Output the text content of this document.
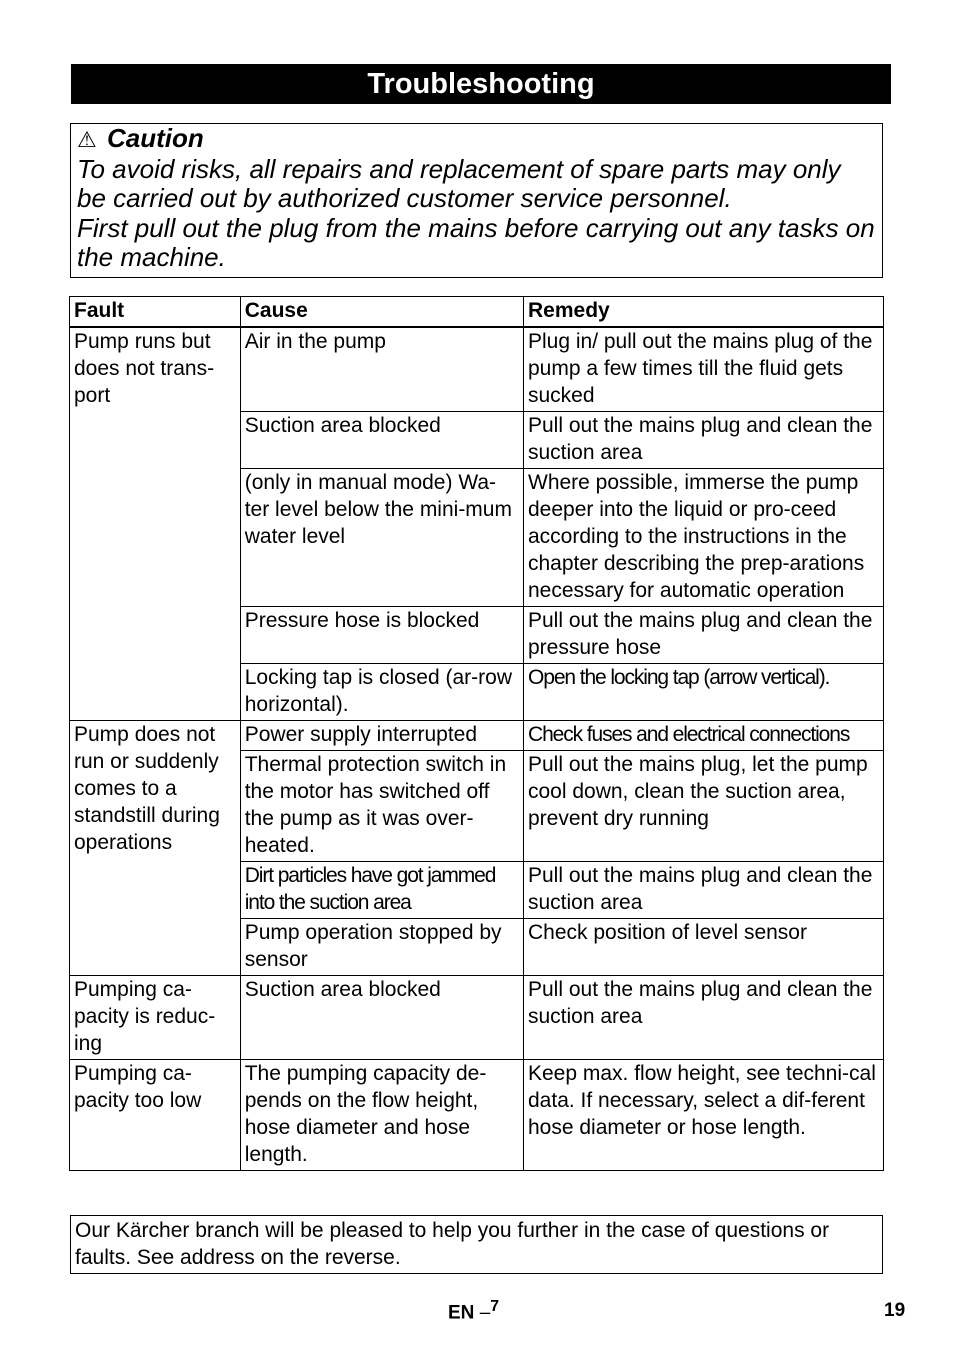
Troubleshooting
⚠ Caution

To avoid risks, all repairs and replacement of spare parts may only be carried out by authorized customer service personnel.

First pull out the plug from the mains before carrying out any tasks on the machine.

Fault	Cause	Remedy
Pump runs but does not trans-port	Air in the pump	Plug in/ pull out the mains plug of the pump a few times till the fluid gets sucked
	Suction area blocked	Pull out the mains plug and clean the suction area
	(only in manual mode) Wa-ter level below the mini-mum water level	Where possible, immerse the pump deeper into the liquid or pro-ceed according to the instructions in the chapter describing the prep-arations necessary for automatic operation
	Pressure hose is blocked	Pull out the mains plug and clean the pressure hose
	Locking tap is closed (ar-row horizontal).	Open the locking tap (arrow vertical).
Pump does not run or suddenly comes to a standstill during operations	Power supply interrupted	Check fuses and electrical connections
	Thermal protection switch in the motor has switched off the pump as it was over-heated.	Pull out the mains plug, let the pump cool down, clean the suction area, prevent dry running
	Dirt particles have got jammed into the suction area	Pull out the mains plug and clean the suction area
	Pump operation stopped by sensor	Check position of level sensor
Pumping ca-pacity is reduc-ing	Suction area blocked	Pull out the mains plug and clean the suction area
Pumping ca-pacity too low	The pumping capacity de-pends on the flow height, hose diameter and hose length.	Keep max. flow height, see techni-cal data. If necessary, select a dif-ferent hose diameter or hose length.
Our Kärcher branch will be pleased to help you further in the case of questions or faults. See address on the reverse.
EN –$^7$	19
